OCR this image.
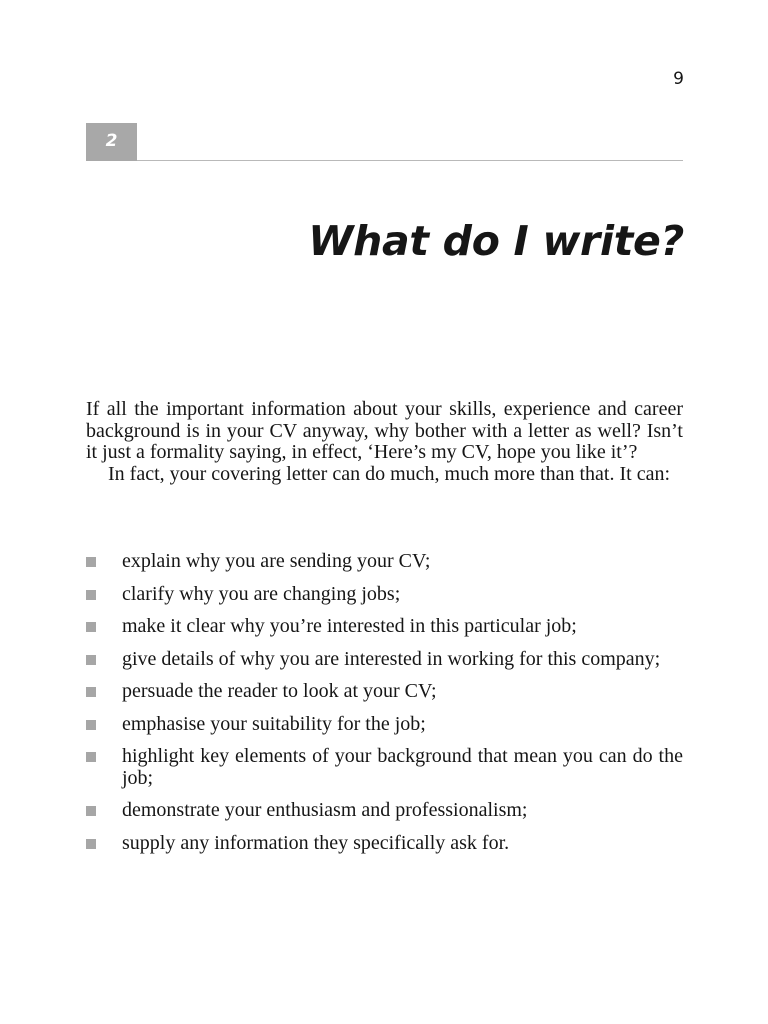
9
2
What do I write?

If all the important information about your skills, experience and career background is in your CV anyway, why bother with a letter as well? Isn’t it just a formality saying, in effect, ‘Here’s my CV, hope you like it’?

In fact, your covering letter can do much, much more than that. It can:

explain why you are sending your CV;
clarify why you are changing jobs;
make it clear why you’re interested in this particular job;
give details of why you are interested in working for this company;
persuade the reader to look at your CV;
emphasise your suitability for the job;
highlight key elements of your background that mean you can do the job;
demonstrate your enthusiasm and professionalism;
supply any information they specifically ask for.
